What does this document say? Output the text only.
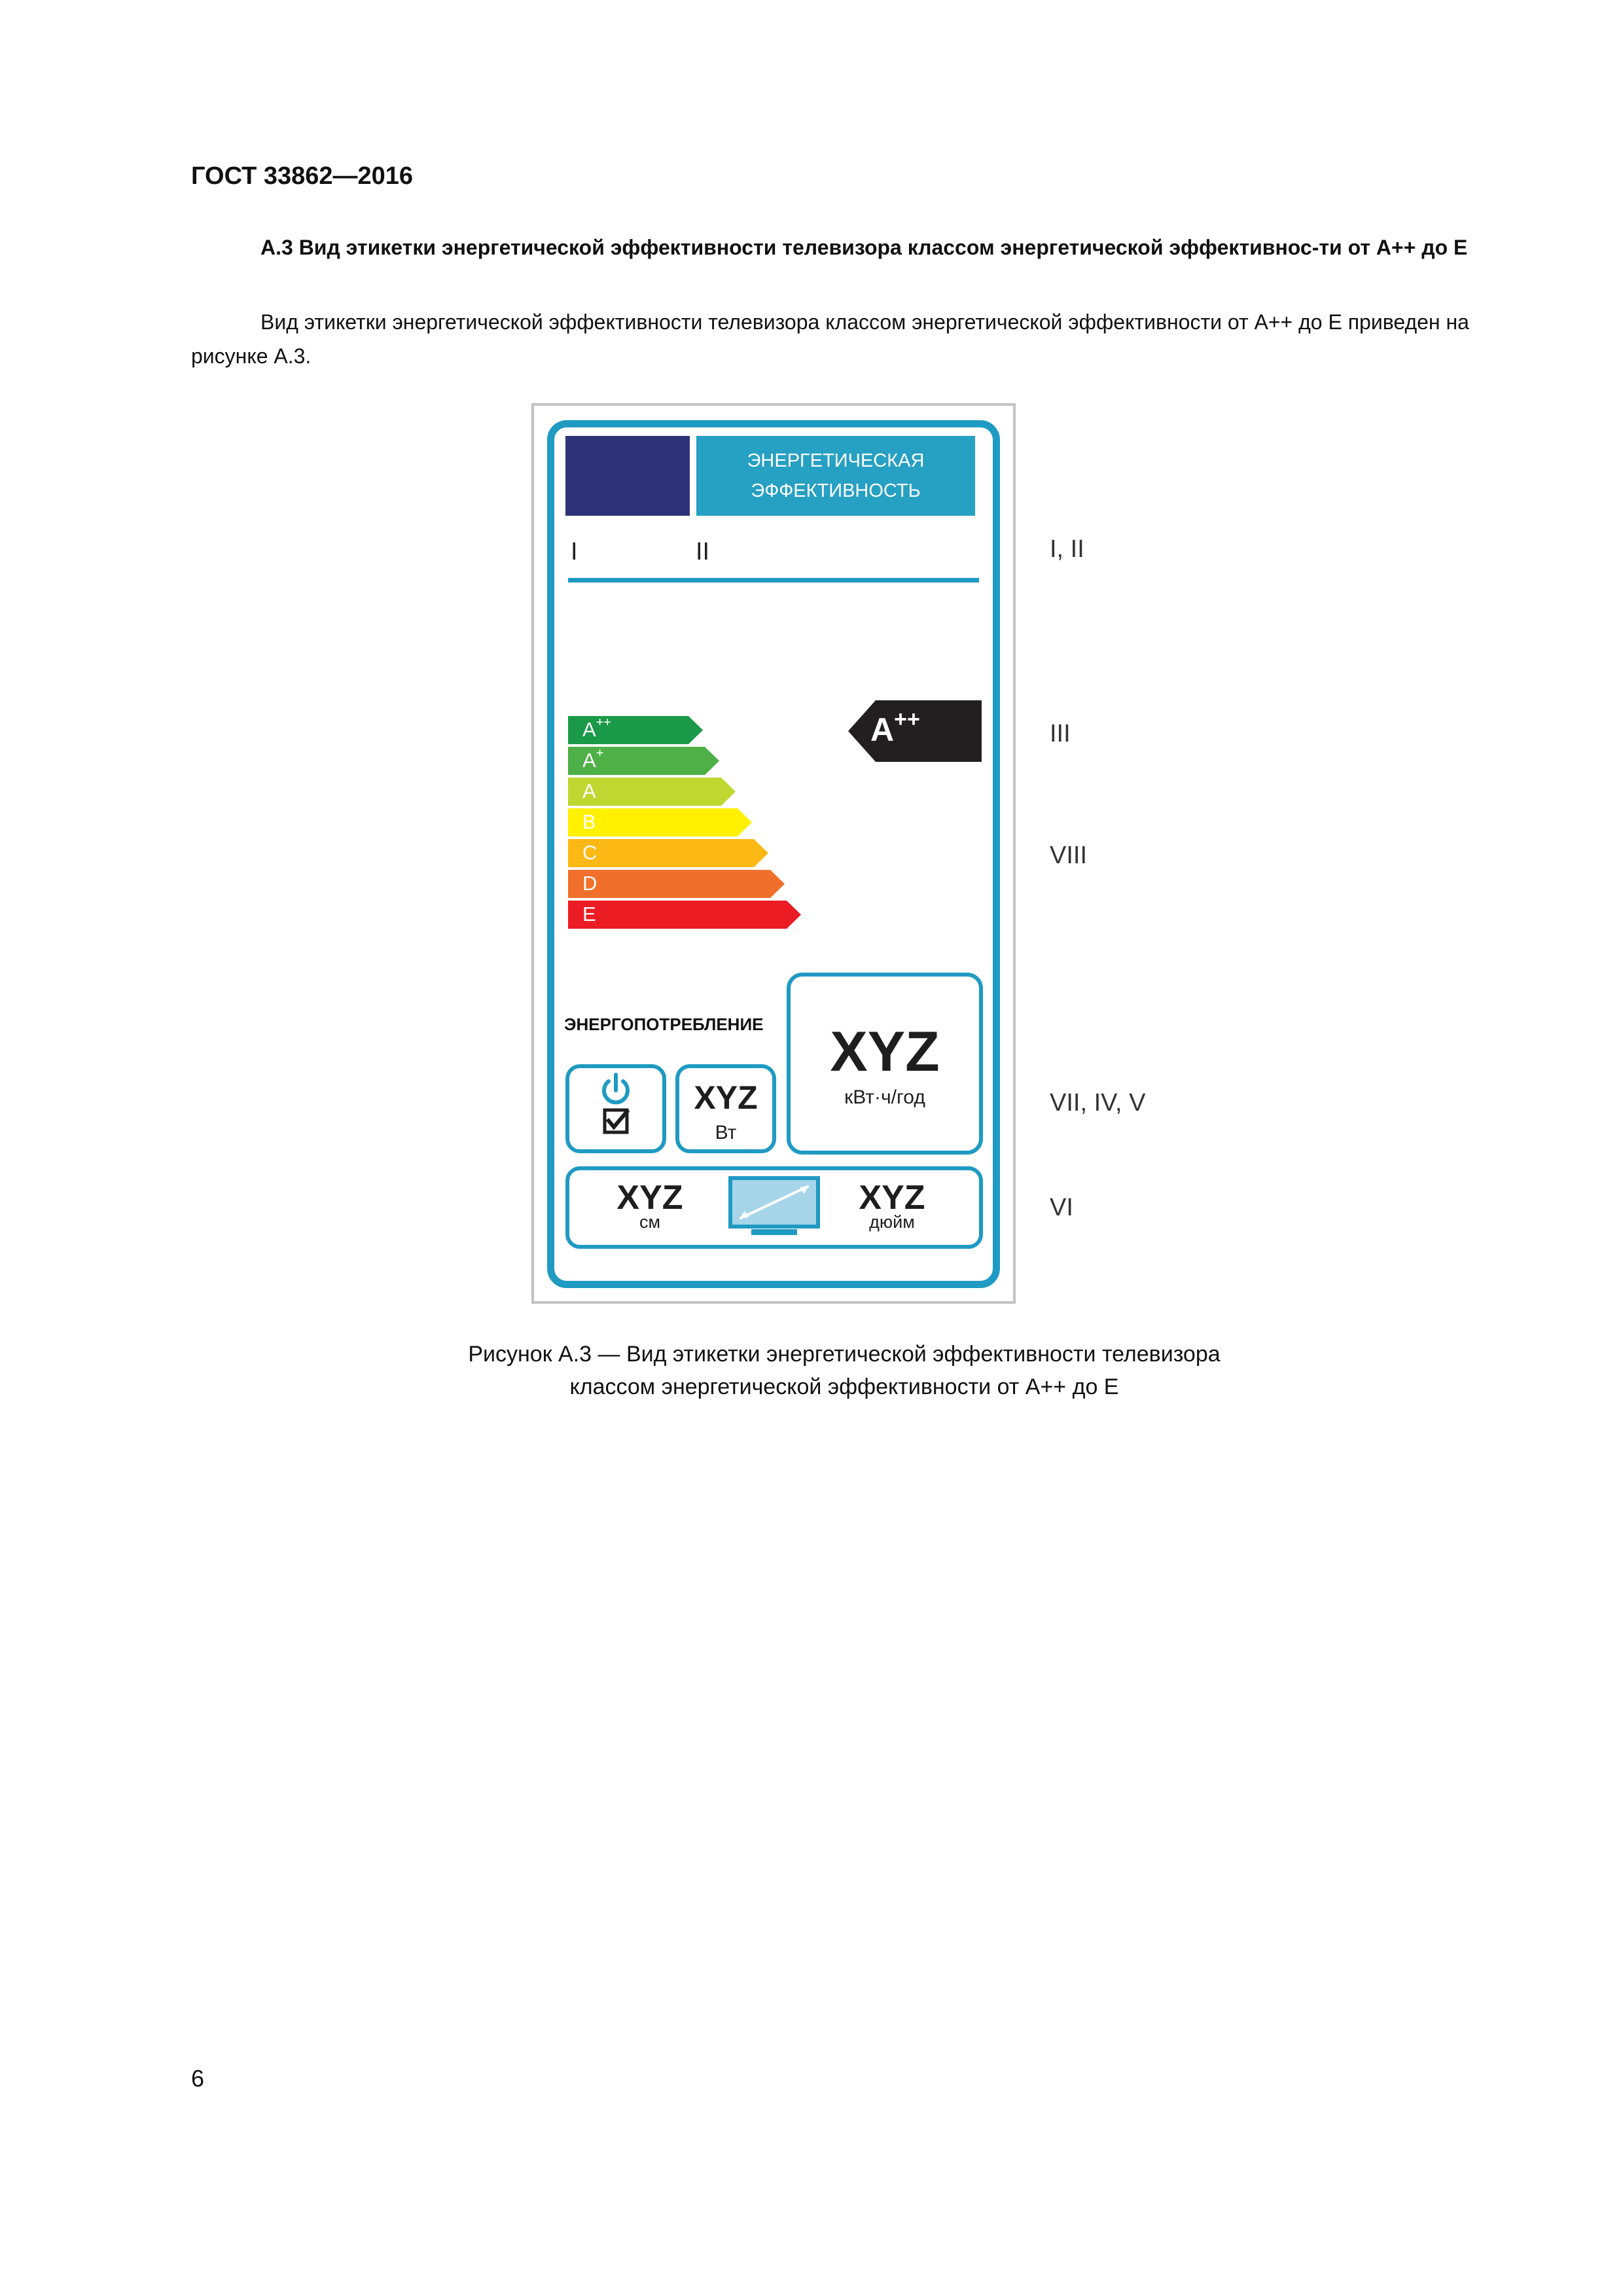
ГОСТ 33862—2016
А.3 Вид этикетки энергетической эффективности телевизора классом энергетической эффективнос-ти от А++ до Е
Вид этикетки энергетической эффективности телевизора классом энергетической эффективности от А++ до Е приведен на рисунке А.3.
ЭНЕРГЕТИЧЕСКАЯ
ЭФФЕКТИВНОСТЬ
I	II
A++
A+
A
B
C
D
E
A++
ЭНЕРГОПОТРЕБЛЕНИЕ	XYZ
кВт·ч/год
XYZ
Вт
XYZ
см
XYZ
дюйм
I, II
III
VIII
VII, IV, V
VI
Рисунок А.3 — Вид этикетки энергетической эффективности телевизора
классом энергетической эффективности от А++ до Е
6
